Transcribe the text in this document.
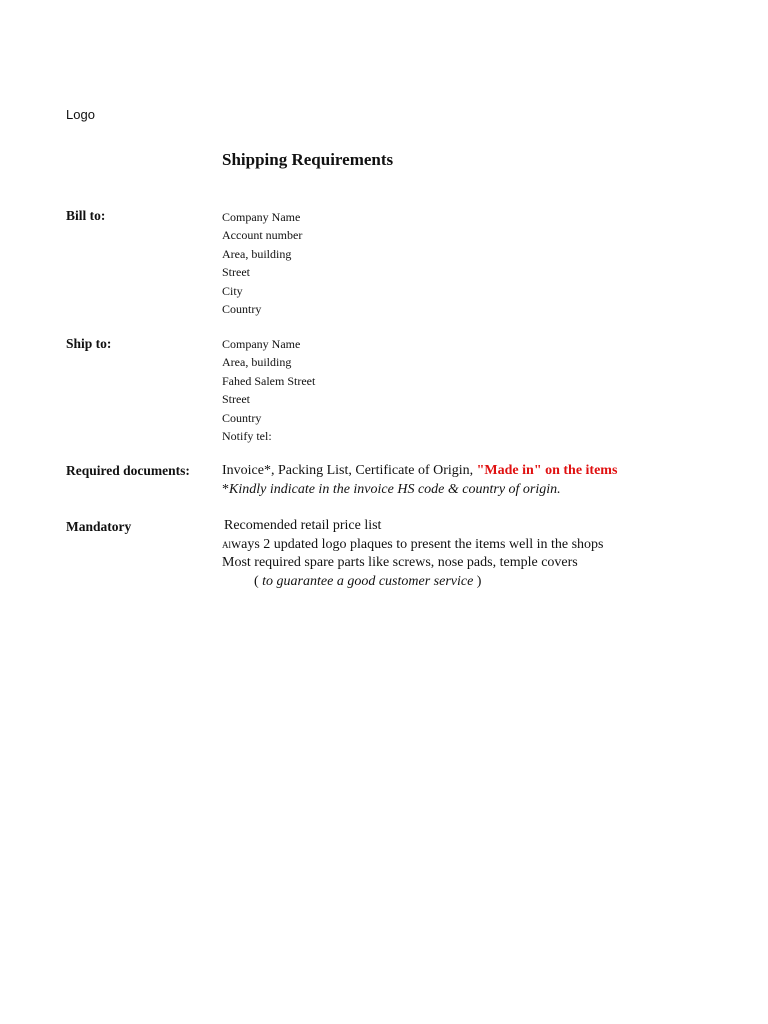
Logo
Shipping Requirements
Bill to:	Company Name
Account number
Area, building
Street
City
Country
Ship to:	Company Name
Area, building
Fahed Salem Street
Street
Country
Notify tel:
Required documents: Invoice*, Packing List, Certificate of Origin, "Made in" on the items
*Kindly indicate in the invoice HS code & country of origin.
Mandatory	Recomended retail price list
Always 2 updated logo plaques to present the items well in the shops
Most required spare parts like screws, nose pads, temple covers
( to guarantee a good customer service )
